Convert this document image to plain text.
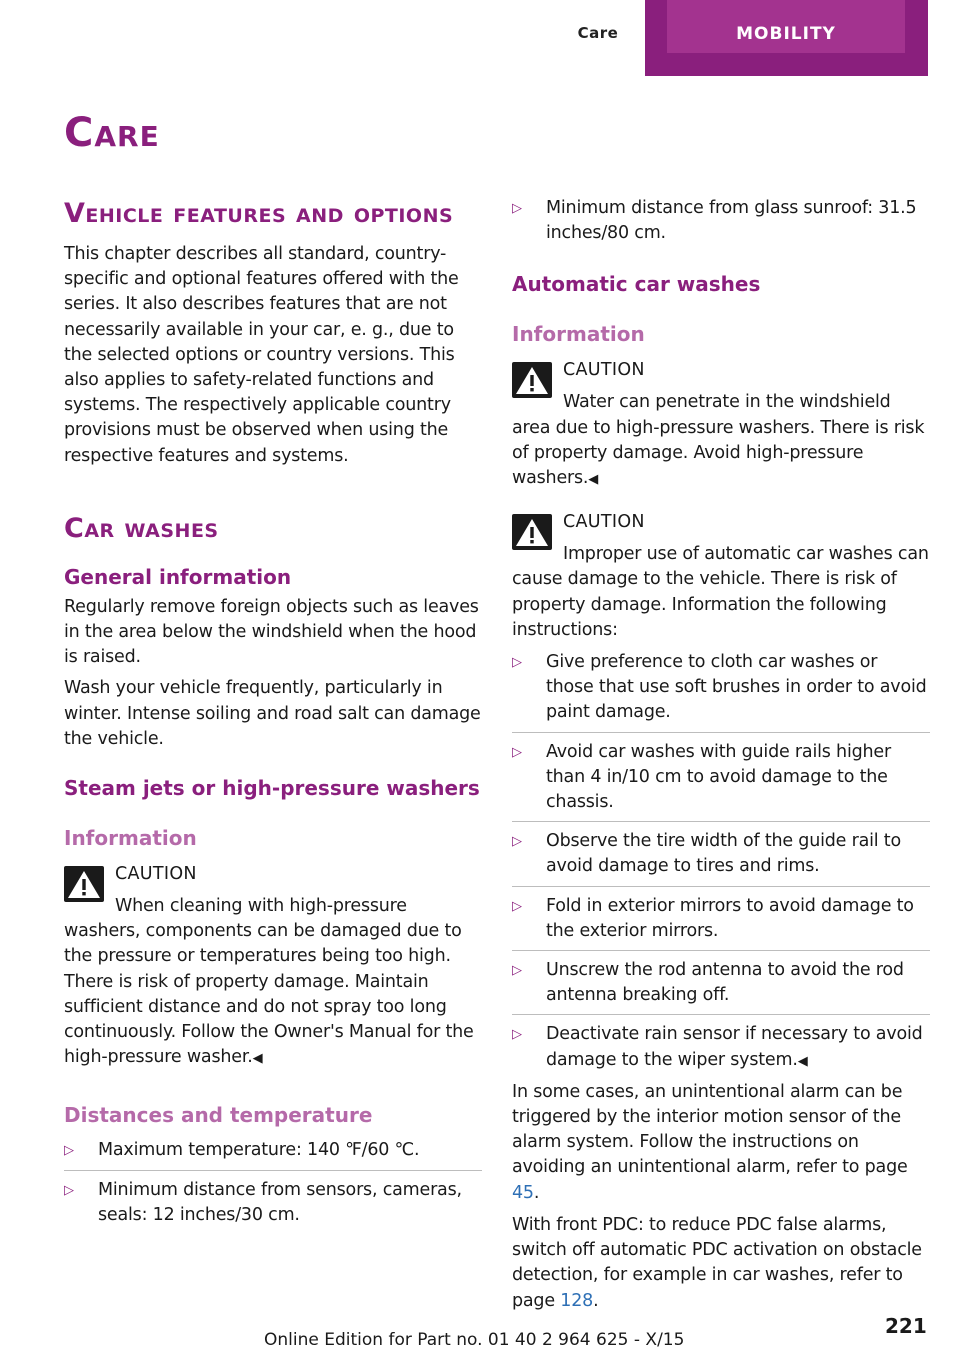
Care	MOBILITY
Care
Vehicle features and options

This chapter describes all standard, country-specific and optional features offered with the series. It also describes features that are not necessarily available in your car, e. g., due to the selected options or country versions. This also applies to safety-related functions and systems. The respectively applicable country provisions must be observed when using the respective features and systems.

Car washes
General information

Regularly remove foreign objects such as leaves in the area below the windshield when the hood is raised.

Wash your vehicle frequently, particularly in winter. Intense soiling and road salt can damage the vehicle.

Steam jets or high-pressure washers
Information
CAUTION

When cleaning with high-pressure washers, components can be damaged due to the pressure or temperatures being too high. There is risk of property damage. Maintain sufficient distance and do not spray too long continuously. Follow the Owner's Manual for the high-pressure washer.◀

Distances and temperature
▷ Maximum temperature: 140 ℉/60 ℃.
▷ Minimum distance from sensors, cameras, seals: 12 inches/30 cm.
▷ Minimum distance from glass sunroof: 31.5 inches/80 cm.
Automatic car washes
Information
CAUTION

Water can penetrate in the windshield area due to high-pressure washers. There is risk of property damage. Avoid high-pressure washers.◀

CAUTION

Improper use of automatic car washes can cause damage to the vehicle. There is risk of property damage. Information the following instructions:

▷ Give preference to cloth car washes or those that use soft brushes in order to avoid paint damage.
▷ Avoid car washes with guide rails higher than 4 in/10 cm to avoid damage to the chassis.
▷ Observe the tire width of the guide rail to avoid damage to tires and rims.
▷ Fold in exterior mirrors to avoid damage to the exterior mirrors.
▷ Unscrew the rod antenna to avoid the rod antenna breaking off.
▷ Deactivate rain sensor if necessary to avoid damage to the wiper system.◀

In some cases, an unintentional alarm can be triggered by the interior motion sensor of the alarm system. Follow the instructions on avoiding an unintentional alarm, refer to page 45.

With front PDC: to reduce PDC false alarms, switch off automatic PDC activation on obstacle detection, for example in car washes, refer to page 128.

221
Online Edition for Part no. 01 40 2 964 625 - X/15
